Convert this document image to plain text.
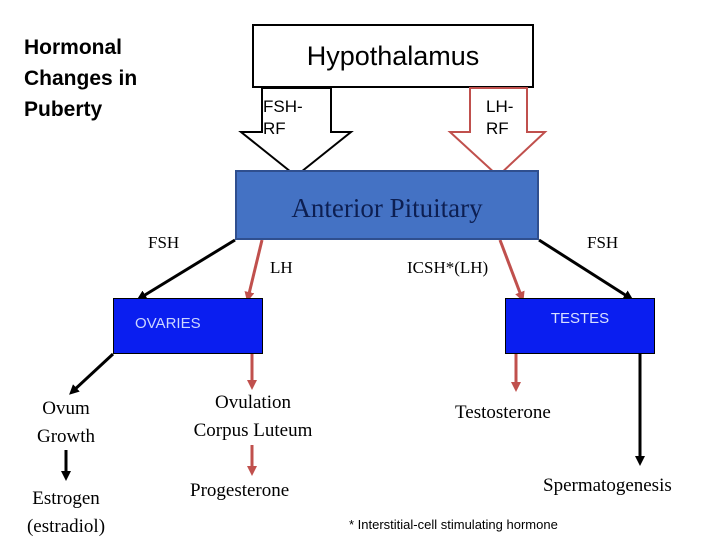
Hormonal Changes in Puberty
Hypothalamus
FSH-
RF
LH-
RF
Anterior Pituitary
FSH	FSH
LH	ICSH*(LH)
OVARIES	TESTES
Ovum
Growth
Estrogen
(estradiol)
Ovulation
Corpus Luteum
Progesterone
Testosterone
Spermatogenesis
* Interstitial-cell stimulating hormone
